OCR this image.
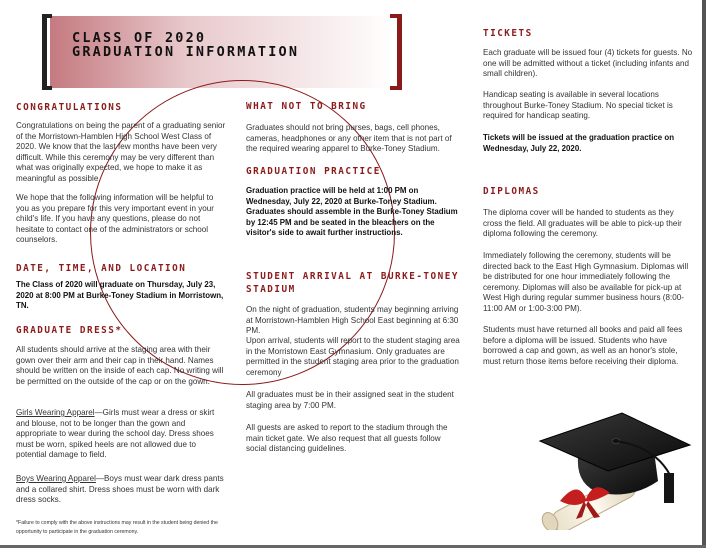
CLASS OF 2020
GRADUATION INFORMATION
CONGRATULATIONS
Congratulations on being the parent of a graduating senior of the Morristown-Hamblen High School West Class of 2020. We know that the last few months have been very difficult. While this ceremony may be very different than what was originally expected, we hope to make it as meaningful as possible.
We hope that the following information will be helpful to you as you prepare for this very important event in your child's life. If you have any questions, please do not hesitate to contact one of the administrators or school counselors.
DATE, TIME, AND LOCATION
The Class of 2020 will graduate on Thursday, July 23, 2020 at 8:00 PM at Burke-Toney Stadium in Morristown, TN.
GRADUATE DRESS*
All students should arrive at the staging area with their gown over their arm and their cap in their hand. Names should be written on the inside of each cap. No writing will be permitted on the outside of the cap or on the gown.
Girls Wearing Apparel—Girls must wear a dress or skirt and blouse, not to be longer than the gown and appropriate to wear during the school day. Dress shoes must be worn, spiked heels are not allowed due to potential damage to field.
Boys Wearing Apparel—Boys must wear dark dress pants and a collared shirt. Dress shoes must be worn with dark dress socks.
*Failure to comply with the above instructions may result in the student being denied the opportunity to participate in the graduation ceremony.
WHAT NOT TO BRING
Graduates should not bring purses, bags, cell phones, cameras, headphones or any other item that is not part of the required wearing apparel to Burke-Toney Stadium.
GRADUATION PRACTICE
Graduation practice will be held at 1:00 PM on Wednesday, July 22, 2020 at Burke-Toney Stadium. Graduates should assemble in the Burke-Toney Stadium by 12:45 PM and be seated in the bleachers on the visitor's side to await further instructions.
STUDENT ARRIVAL AT BURKE-TONEY
STADIUM
On the night of graduation, students may beginning arriving at Morristown-Hamblen High School East beginning at 6:30 PM.
Upon arrival, students will report to the student staging area in the Morristown East Gymnasium. Only graduates are permitted in the student staging area prior to the graduation ceremony
All graduates must be in their assigned seat in the student staging area by 7:00 PM.
All guests are asked to report to the stadium through the main ticket gate. We also request that all guests follow social distancing guidelines.
TICKETS
Each graduate will be issued four (4) tickets for guests. No one will be admitted without a ticket (including infants and small children).
Handicap seating is available in several locations throughout Burke-Toney Stadium. No special ticket is required for handicap seating.
Tickets will be issued at the graduation practice on Wednesday, July 22, 2020.
DIPLOMAS
The diploma cover will be handed to students as they cross the field. All graduates will be able to pick-up their diploma following the ceremony.
Immediately following the ceremony, students will be directed back to the East High Gymnasium. Diplomas will be distributed for one hour immediately following the ceremony. Diplomas will also be available for pick-up at West High during regular summer business hours (8:00-11:00 AM or 1:00-3:00 PM).
Students must have returned all books and paid all fees before a diploma will be issued. Students who have borrowed a cap and gown, as well as an honor's stole, must return those items before receiving their diploma.
